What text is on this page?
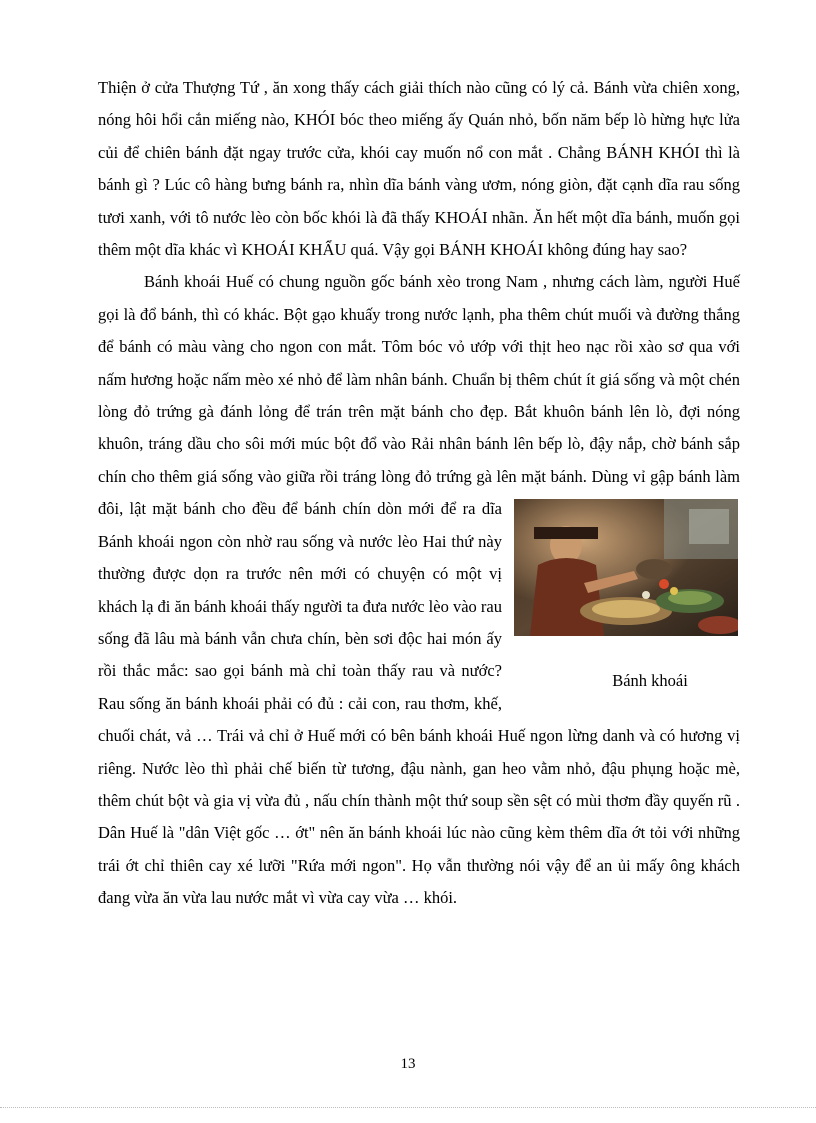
Thiện ở cửa Thượng Tứ , ăn xong thấy cách giải thích nào cũng có lý cả. Bánh vừa chiên xong, nóng hôi hổi cắn miếng nào, KHÓI bóc theo miếng ấy Quán nhỏ, bốn năm bếp lò hừng hực lửa củi để chiên bánh đặt ngay trước cửa, khói cay muốn nổ con mắt . Chẳng BÁNH KHÓI thì là bánh gì ? Lúc cô hàng bưng bánh ra, nhìn dĩa bánh vàng ươm, nóng giòn, đặt cạnh dĩa rau sống tươi xanh, với tô nước lèo còn bốc khói là đã thấy KHOÁI nhãn. Ăn hết một dĩa bánh, muốn gọi thêm một dĩa khác vì KHOÁI KHẨU quá. Vậy gọi BÁNH KHOÁI không đúng hay sao?

Bánh khoái Huế có chung nguồn gốc bánh xèo trong Nam , nhưng cách làm, người Huế gọi là đổ bánh, thì có khác. Bột gạo khuấy trong nước lạnh, pha thêm chút muối và đường thắng để bánh có màu vàng cho ngon con mắt. Tôm bóc vỏ ướp với thịt heo nạc rồi xào sơ qua với nấm hương hoặc nấm mèo xé nhỏ để làm nhân bánh. Chuẩn bị thêm chút ít giá sống và một chén lòng đỏ trứng gà đánh lỏng để trán trên mặt bánh cho đẹp. Bắt khuôn bánh lên lò, đợi nóng khuôn, tráng dầu cho sôi mới múc bột đổ vào Rải nhân bánh lên bếp lò, đậy nắp, chờ bánh sắp chín cho thêm giá sống vào giữa rồi tráng lòng đỏ trứng gà lên mặt bánh.
Bánh khoái
Dùng vỉ gập bánh làm đôi, lật mặt bánh cho đều để bánh chín dòn mới để ra dĩa Bánh khoái ngon còn nhờ rau sống và nước lèo Hai thứ này thường được dọn ra trước nên mới có chuyện có một vị khách lạ đi ăn bánh khoái thấy người ta đưa nước lèo vào rau sống đã lâu mà bánh vẫn chưa chín, bèn sơi độc hai món ấy rồi thắc mắc: sao gọi bánh mà chỉ toàn thấy rau và nước? Rau sống ăn bánh khoái phải có đủ : cải con, rau thơm, khế, chuối chát, vả … Trái vả chỉ ở Huế mới có bên bánh khoái Huế ngon lừng danh và có hương vị riêng. Nước lèo thì phải chế biến từ tương, đậu nành, gan heo vằm nhỏ, đậu phụng hoặc mè, thêm chút bột và gia vị vừa đủ , nấu chín thành một thứ soup sền sệt có mùi thơm đầy quyến rũ . Dân Huế là "dân Việt gốc … ớt" nên ăn bánh khoái lúc nào cũng kèm thêm dĩa ớt tỏi với những trái ớt chỉ thiên cay xé lưỡi "Rứa mới ngon". Họ vẫn thường nói vậy để an ủi mấy ông khách đang vừa ăn vừa lau nước mắt vì vừa cay vừa … khói.

13
